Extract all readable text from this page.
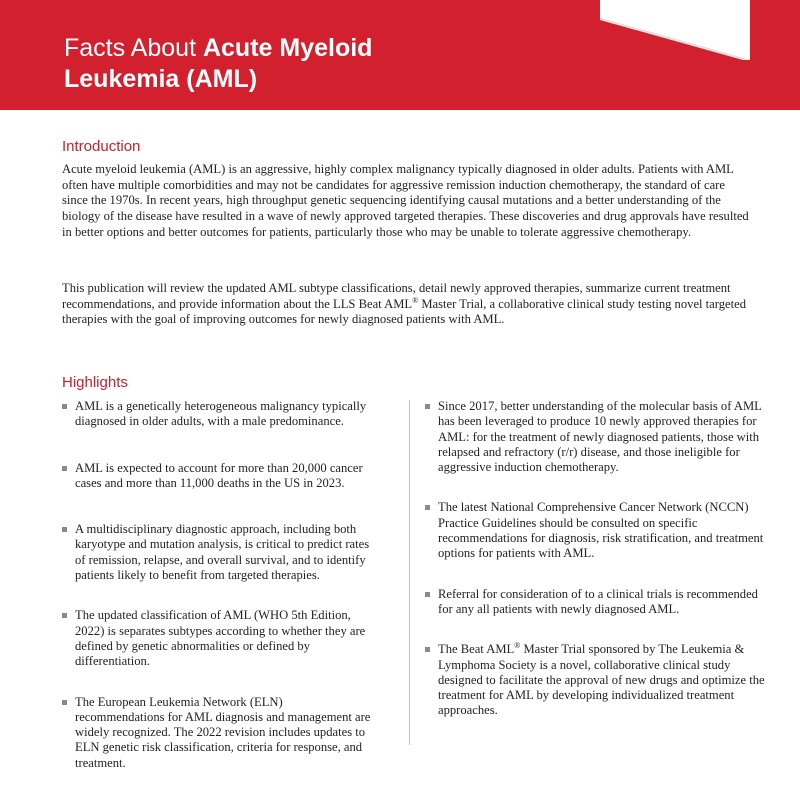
Facts About Acute Myeloid
Leukemia (AML)
Introduction

Acute myeloid leukemia (AML) is an aggressive, highly complex malignancy typically diagnosed in older adults. Patients with AML often have multiple comorbidities and may not be candidates for aggressive remission induction chemotherapy, the standard of care since the 1970s. In recent years, high throughput genetic sequencing identifying causal mutations and a better understanding of the biology of the disease have resulted in a wave of newly approved targeted therapies. These discoveries and drug approvals have resulted in better options and better outcomes for patients, particularly those who may be unable to tolerate aggressive chemotherapy.

This publication will review the updated AML subtype classifications, detail newly approved therapies, summarize current treatment recommendations, and provide information about the LLS Beat AML® Master Trial, a collaborative clinical study testing novel targeted therapies with the goal of improving outcomes for newly diagnosed patients with AML.

Highlights
AML is a genetically heterogeneous malignancy typically diagnosed in older adults, with a male predominance.
AML is expected to account for more than 20,000 cancer cases and more than 11,000 deaths in the US in 2023.
A multidisciplinary diagnostic approach, including both karyotype and mutation analysis, is critical to predict rates of remission, relapse, and overall survival, and to identify patients likely to benefit from targeted therapies.
The updated classification of AML (WHO 5th Edition, 2022) is separates subtypes according to whether they are defined by genetic abnormalities or defined by differentiation.
The European Leukemia Network (ELN) recommendations for AML diagnosis and management are widely recognized. The 2022 revision includes updates to ELN genetic risk classification, criteria for response, and treatment.
Since 2017, better understanding of the molecular basis of AML has been leveraged to produce 10 newly approved therapies for AML: for the treatment of newly diagnosed patients, those with relapsed and refractory (r/r) disease, and those ineligible for aggressive induction chemotherapy.
The latest National Comprehensive Cancer Network (NCCN) Practice Guidelines should be consulted on specific recommendations for diagnosis, risk stratification, and treatment options for patients with AML.
Referral for consideration of to a clinical trials is recommended for any all patients with newly diagnosed AML.
The Beat AML® Master Trial sponsored by The Leukemia & Lymphoma Society is a novel, collaborative clinical study designed to facilitate the approval of new drugs and optimize the treatment for AML by developing individualized treatment approaches.
